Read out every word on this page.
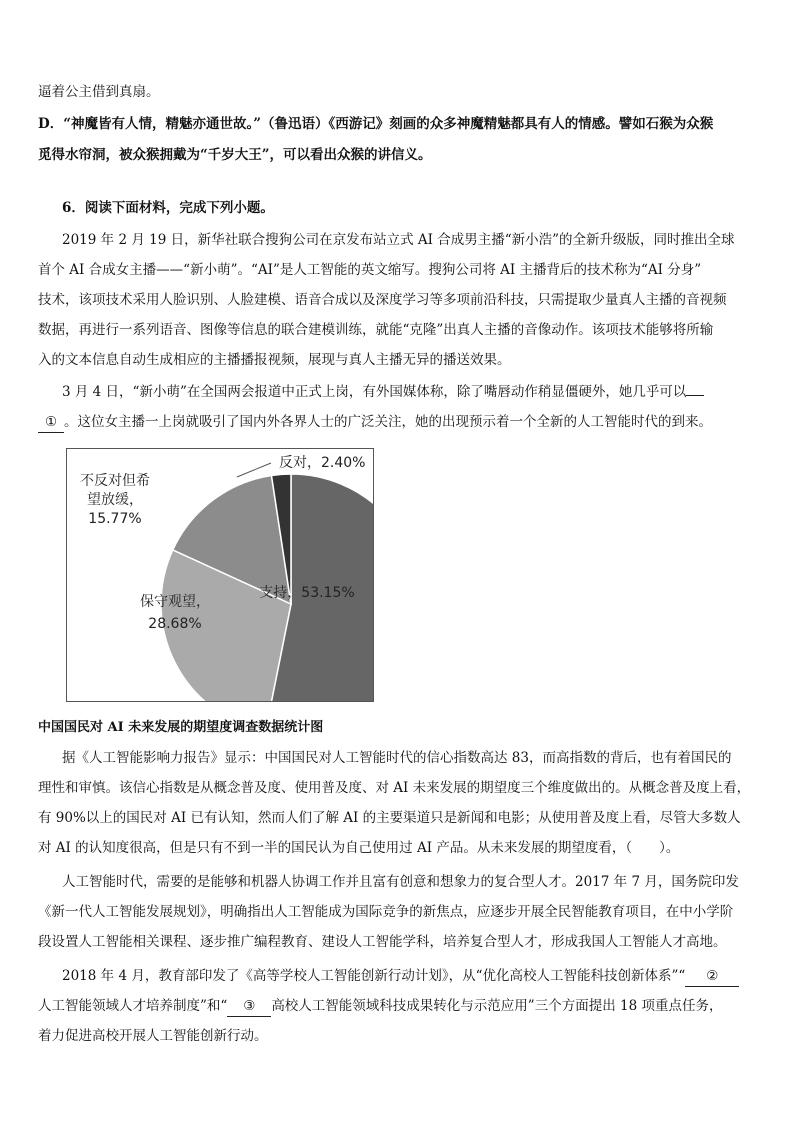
逼着公主借到真扇。
D．“神魔皆有人情，精魅亦通世故。”（鲁迅语）《西游记》刻画的众多神魔精魅都具有人的情感。譬如石猴为众猴
觅得水帘洞，被众猴拥戴为“千岁大王”，可以看出众猴的讲信义。
6．阅读下面材料，完成下列小题。
2019 年 2 月 19 日，新华社联合搜狗公司在京发布站立式 AI 合成男主播“新小浩”的全新升级版，同时推出全球
首个 AI 合成女主播——“新小萌”。“AI”是人工智能的英文缩写。搜狗公司将 AI 主播背后的技术称为“AI 分身”
技术，该项技术采用人脸识别、人脸建模、语音合成以及深度学习等多项前沿科技，只需提取少量真人主播的音视频
数据，再进行一系列语音、图像等信息的联合建模训练，就能“克隆”出真人主播的音像动作。该项技术能够将所输
入的文本信息自动生成相应的主播播报视频，展现与真人主播无异的播送效果。
3 月 4 日，“新小萌”在全国两会报道中正式上岗，有外国媒体称，除了嘴唇动作稍显僵硬外，她几乎可以
① 。这位女主播一上岗就吸引了国内外各界人士的广泛关注，她的出现预示着一个全新的人工智能时代的到来。
支持，53.15%
保守观望， 28.68%
不反对但希望放缓， 15.77%
反对，2.40%
中国国民对 AI 未来发展的期望度调查数据统计图
据《人工智能影响力报告》显示：中国国民对人工智能时代的信心指数高达 83，而高指数的背后，也有着国民的
理性和审慎。该信心指数是从概念普及度、使用普及度、对 AI 未来发展的期望度三个维度做出的。从概念普及度上看，
有 90%以上的国民对 AI 已有认知，然而人们了解 AI 的主要渠道只是新闻和电影；从使用普及度上看，尽管大多数人
对 AI 的认知度很高，但是只有不到一半的国民认为自己使用过 AI 产品。从未来发展的期望度看，（　　）。
人工智能时代，需要的是能够和机器人协调工作并且富有创意和想象力的复合型人才。2017 年 7 月，国务院印发
《新一代人工智能发展规划》，明确指出人工智能成为国际竞争的新焦点，应逐步开展全民智能教育项目，在中小学阶
段设置人工智能相关课程、逐步推广编程教育、建设人工智能学科，培养复合型人才，形成我国人工智能人才高地。
2018 年 4 月，教育部印发了《高等学校人工智能创新行动计划》，从“优化高校人工智能科技创新体系”“ ②
人工智能领域人才培养制度”和“ ③ 高校人工智能领域科技成果转化与示范应用”三个方面提出 18 项重点任务，
着力促进高校开展人工智能创新行动。
